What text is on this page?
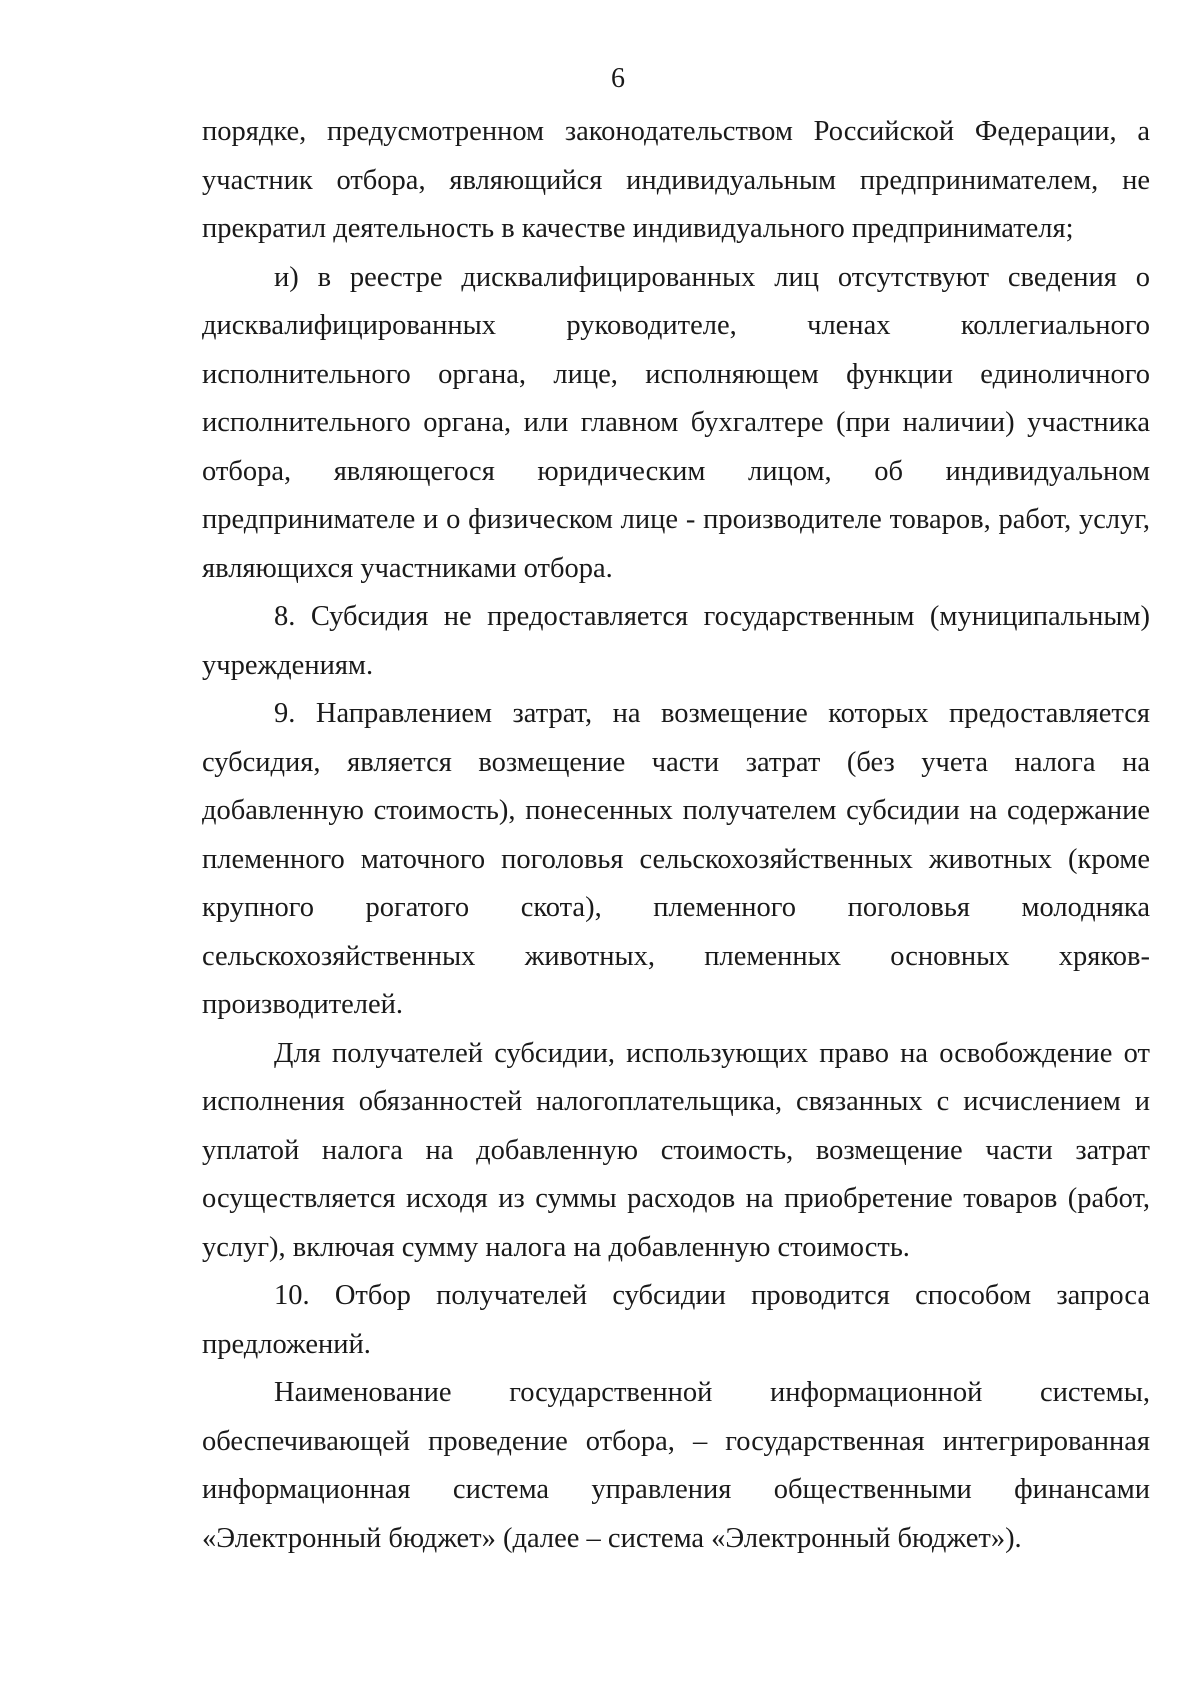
6

порядке, предусмотренном законодательством Российской Федерации, а участник отбора, являющийся индивидуальным предпринимателем, не прекратил деятельность в качестве индивидуального предпринимателя;

и) в реестре дисквалифицированных лиц отсутствуют сведения о дисквалифицированных руководителе, членах коллегиального исполнительного органа, лице, исполняющем функции единоличного исполнительного органа, или главном бухгалтере (при наличии) участника отбора, являющегося юридическим лицом, об индивидуальном предпринимателе и о физическом лице - производителе товаров, работ, услуг, являющихся участниками отбора.

8. Субсидия не предоставляется государственным (муниципальным) учреждениям.

9. Направлением затрат, на возмещение которых предоставляется субсидия, является возмещение части затрат (без учета налога на добавленную стоимость), понесенных получателем субсидии на содержание племенного маточного поголовья сельскохозяйственных животных (кроме крупного рогатого скота), племенного поголовья молодняка сельскохозяйственных животных, племенных основных хряков-производителей.

Для получателей субсидии, использующих право на освобождение от исполнения обязанностей налогоплательщика, связанных с исчислением и уплатой налога на добавленную стоимость, возмещение части затрат осуществляется исходя из суммы расходов на приобретение товаров (работ, услуг), включая сумму налога на добавленную стоимость.

10. Отбор получателей субсидии проводится способом запроса предложений.

Наименование государственной информационной системы, обеспечивающей проведение отбора, – государственная интегрированная информационная система управления общественными финансами «Электронный бюджет» (далее – система «Электронный бюджет»).
